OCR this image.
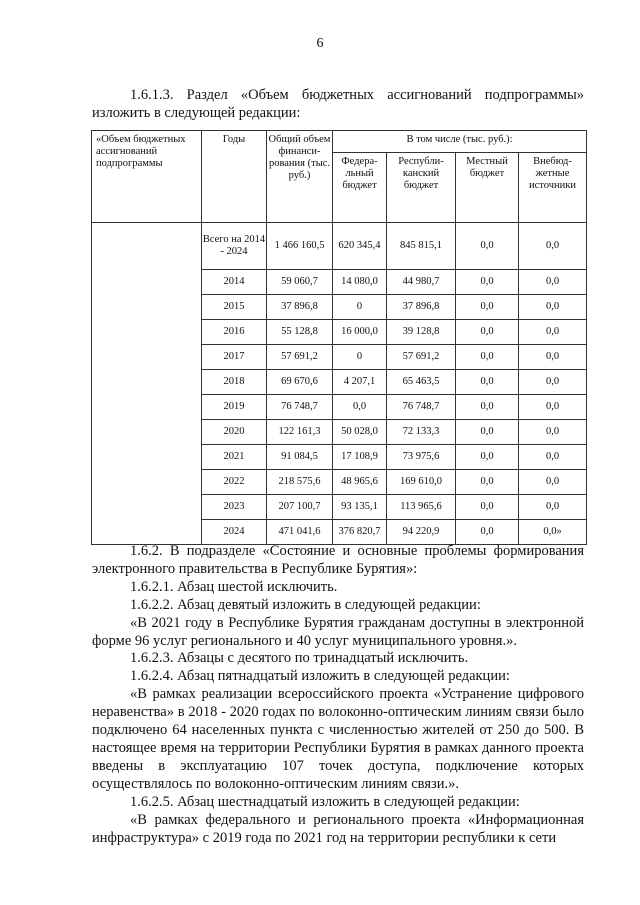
6

1.6.1.3. Раздел «Объем бюджетных ассигнований подпрограммы» изложить в следующей редакции:

«Объем бюджетных ассигнований подпрограммы	Годы	Общий объем финанси-рования (тыс. руб.)	В том числе (тыс. руб.):			
			Федера-льный бюджет	Республи-канский бюджет	Местный бюджет	Внебюд-жетные источники
	Всего на 2014 - 2024	1 466 160,5	620 345,4	845 815,1	0,0	0,0
	2014	59 060,7	14 080,0	44 980,7	0,0	0,0
	2015	37 896,8	0	37 896,8	0,0	0,0
	2016	55 128,8	16 000,0	39 128,8	0,0	0,0
	2017	57 691,2	0	57 691,2	0,0	0,0
	2018	69 670,6	4 207,1	65 463,5	0,0	0,0
	2019	76 748,7	0,0	76 748,7	0,0	0,0
	2020	122 161,3	50 028,0	72 133,3	0,0	0,0
	2021	91 084,5	17 108,9	73 975,6	0,0	0,0
	2022	218 575,6	48 965,6	169 610,0	0,0	0,0
	2023	207 100,7	93 135,1	113 965,6	0,0	0,0
	2024	471 041,6	376 820,7	94 220,9	0,0	0,0»

1.6.2. В подразделе «Состояние и основные проблемы формирования электронного правительства в Республике Бурятия»:

1.6.2.1. Абзац шестой исключить.

1.6.2.2. Абзац девятый изложить в следующей редакции:

«В 2021 году в Республике Бурятия гражданам доступны в электронной форме 96 услуг регионального и 40 услуг муниципального уровня.».

1.6.2.3. Абзацы с десятого по тринадцатый исключить.

1.6.2.4. Абзац пятнадцатый изложить в следующей редакции:

«В рамках реализации всероссийского проекта «Устранение цифрового неравенства» в 2018 - 2020 годах по волоконно-оптическим линиям связи было подключено 64 населенных пункта с численностью жителей от 250 до 500. В настоящее время на территории Республики Бурятия в рамках данного проекта введены в эксплуатацию 107 точек доступа, подключение которых осуществлялось по волоконно-оптическим линиям связи.».

1.6.2.5. Абзац шестнадцатый изложить в следующей редакции:

«В рамках федерального и регионального проекта «Информационная инфраструктура» с 2019 года по 2021 год на территории республики к сети
